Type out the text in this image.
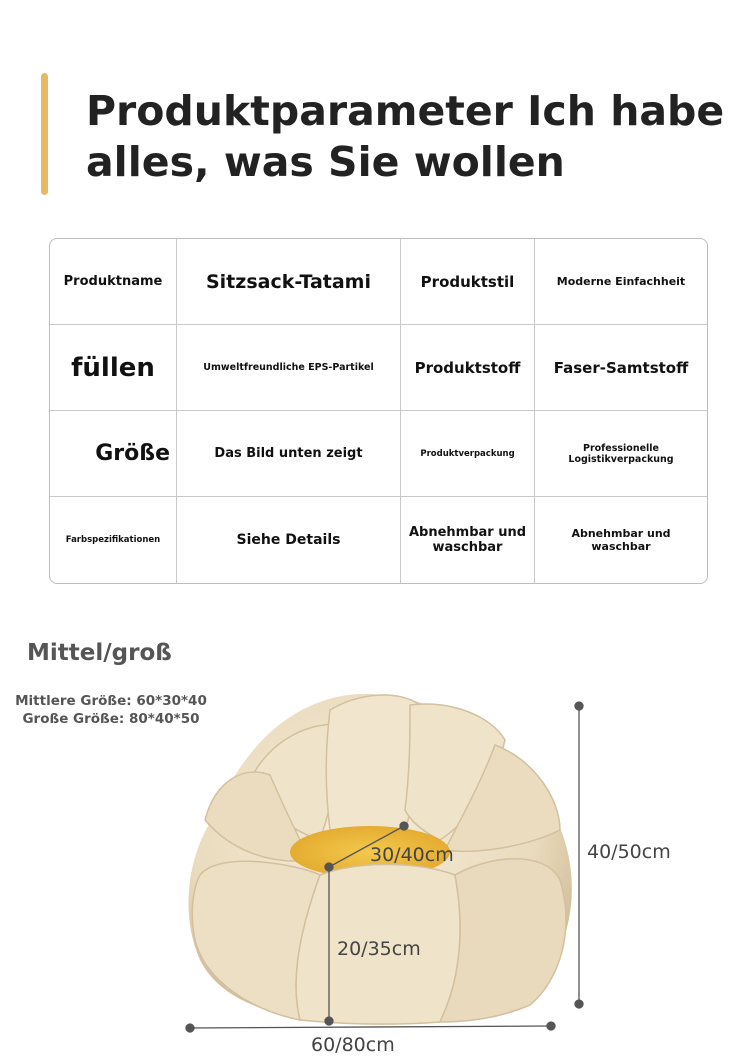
Produktparameter Ich habe alles, was Sie wollen
Produktname	Sitzsack-Tatami	Produktstil	Moderne Einfachheit
füllen	Umweltfreundliche EPS-Partikel	Produktstoff	Faser-Samtstoff
Größe	Das Bild unten zeigt	Produktverpackung	Professionelle Logistikverpackung
Farbspezifikationen	Siehe Details	Abnehmbar und waschbar	Abnehmbar und waschbar
Mittel/groß
Mittlere Größe: 60*30*40 Große Größe: 80*40*50
30/40cm	40/50cm
20/35cm
60/80cm
